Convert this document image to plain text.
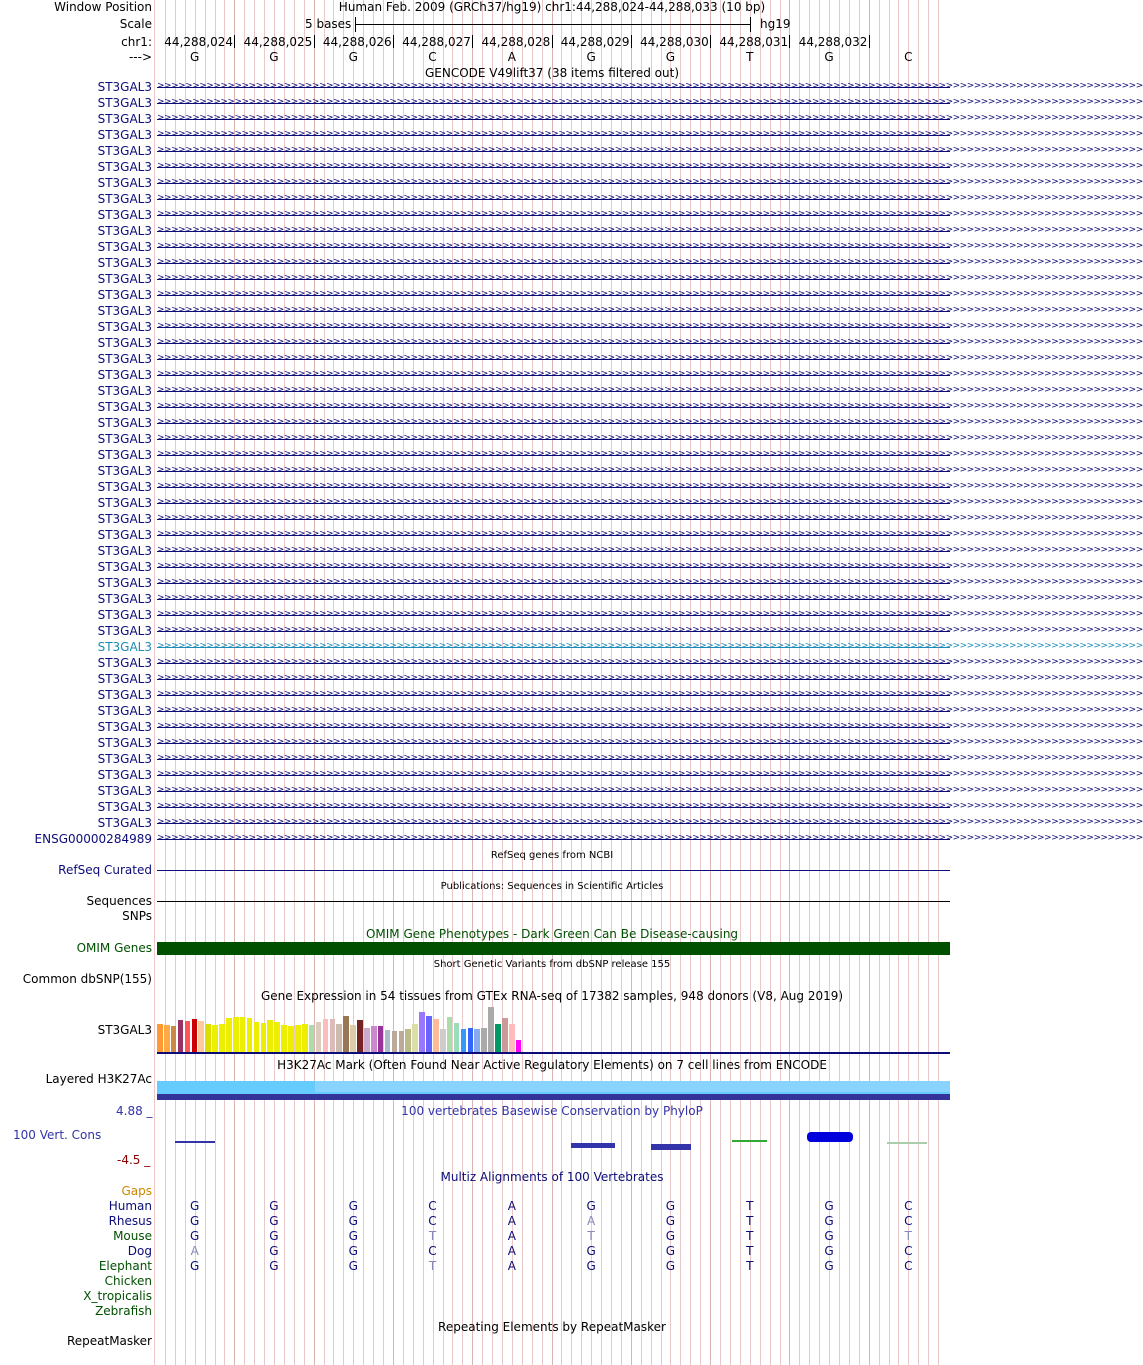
Window Position	Human Feb. 2009 (GRCh37/hg19) chr1:44,288,024-44,288,033 (10 bp)
Scale	5 bases	hg19
chr1: 44,288,024 44,288,025 44,288,026 44,288,027 44,288,028 44,288,029 44,288,030 44,288,031 44,288,032
--->	G	G	G	C	A	G	G	T	G	C
GENCODE V49lift37 (38 items filtered out)
ST3GAL3 >>>>>>>>>>>>>>>>>>>>>>>>>>>>>>>>>>>>>>>>>>>>>>>>>>>>>>>>>>>>>>>>>>>>>>>>>>>>>>>>>>>>>>>>>>>>>>>>>>>>>>>>>>>>>>>>>>>>>>>>>>>>>>>>>>>>>>>>>>>>
ST3GAL3 >>>>>>>>>>>>>>>>>>>>>>>>>>>>>>>>>>>>>>>>>>>>>>>>>>>>>>>>>>>>>>>>>>>>>>>>>>>>>>>>>>>>>>>>>>>>>>>>>>>>>>>>>>>>>>>>>>>>>>>>>>>>>>>>>>>>>>>>>>>>
ST3GAL3 >>>>>>>>>>>>>>>>>>>>>>>>>>>>>>>>>>>>>>>>>>>>>>>>>>>>>>>>>>>>>>>>>>>>>>>>>>>>>>>>>>>>>>>>>>>>>>>>>>>>>>>>>>>>>>>>>>>>>>>>>>>>>>>>>>>>>>>>>>>>
ST3GAL3 >>>>>>>>>>>>>>>>>>>>>>>>>>>>>>>>>>>>>>>>>>>>>>>>>>>>>>>>>>>>>>>>>>>>>>>>>>>>>>>>>>>>>>>>>>>>>>>>>>>>>>>>>>>>>>>>>>>>>>>>>>>>>>>>>>>>>>>>>>>>
ST3GAL3 >>>>>>>>>>>>>>>>>>>>>>>>>>>>>>>>>>>>>>>>>>>>>>>>>>>>>>>>>>>>>>>>>>>>>>>>>>>>>>>>>>>>>>>>>>>>>>>>>>>>>>>>>>>>>>>>>>>>>>>>>>>>>>>>>>>>>>>>>>>>
ST3GAL3 >>>>>>>>>>>>>>>>>>>>>>>>>>>>>>>>>>>>>>>>>>>>>>>>>>>>>>>>>>>>>>>>>>>>>>>>>>>>>>>>>>>>>>>>>>>>>>>>>>>>>>>>>>>>>>>>>>>>>>>>>>>>>>>>>>>>>>>>>>>>
ST3GAL3 >>>>>>>>>>>>>>>>>>>>>>>>>>>>>>>>>>>>>>>>>>>>>>>>>>>>>>>>>>>>>>>>>>>>>>>>>>>>>>>>>>>>>>>>>>>>>>>>>>>>>>>>>>>>>>>>>>>>>>>>>>>>>>>>>>>>>>>>>>>>
ST3GAL3 >>>>>>>>>>>>>>>>>>>>>>>>>>>>>>>>>>>>>>>>>>>>>>>>>>>>>>>>>>>>>>>>>>>>>>>>>>>>>>>>>>>>>>>>>>>>>>>>>>>>>>>>>>>>>>>>>>>>>>>>>>>>>>>>>>>>>>>>>>>>
ST3GAL3 >>>>>>>>>>>>>>>>>>>>>>>>>>>>>>>>>>>>>>>>>>>>>>>>>>>>>>>>>>>>>>>>>>>>>>>>>>>>>>>>>>>>>>>>>>>>>>>>>>>>>>>>>>>>>>>>>>>>>>>>>>>>>>>>>>>>>>>>>>>>
ST3GAL3 >>>>>>>>>>>>>>>>>>>>>>>>>>>>>>>>>>>>>>>>>>>>>>>>>>>>>>>>>>>>>>>>>>>>>>>>>>>>>>>>>>>>>>>>>>>>>>>>>>>>>>>>>>>>>>>>>>>>>>>>>>>>>>>>>>>>>>>>>>>>
ST3GAL3 >>>>>>>>>>>>>>>>>>>>>>>>>>>>>>>>>>>>>>>>>>>>>>>>>>>>>>>>>>>>>>>>>>>>>>>>>>>>>>>>>>>>>>>>>>>>>>>>>>>>>>>>>>>>>>>>>>>>>>>>>>>>>>>>>>>>>>>>>>>>
ST3GAL3 >>>>>>>>>>>>>>>>>>>>>>>>>>>>>>>>>>>>>>>>>>>>>>>>>>>>>>>>>>>>>>>>>>>>>>>>>>>>>>>>>>>>>>>>>>>>>>>>>>>>>>>>>>>>>>>>>>>>>>>>>>>>>>>>>>>>>>>>>>>>
ST3GAL3 >>>>>>>>>>>>>>>>>>>>>>>>>>>>>>>>>>>>>>>>>>>>>>>>>>>>>>>>>>>>>>>>>>>>>>>>>>>>>>>>>>>>>>>>>>>>>>>>>>>>>>>>>>>>>>>>>>>>>>>>>>>>>>>>>>>>>>>>>>>>
ST3GAL3 >>>>>>>>>>>>>>>>>>>>>>>>>>>>>>>>>>>>>>>>>>>>>>>>>>>>>>>>>>>>>>>>>>>>>>>>>>>>>>>>>>>>>>>>>>>>>>>>>>>>>>>>>>>>>>>>>>>>>>>>>>>>>>>>>>>>>>>>>>>>
ST3GAL3 >>>>>>>>>>>>>>>>>>>>>>>>>>>>>>>>>>>>>>>>>>>>>>>>>>>>>>>>>>>>>>>>>>>>>>>>>>>>>>>>>>>>>>>>>>>>>>>>>>>>>>>>>>>>>>>>>>>>>>>>>>>>>>>>>>>>>>>>>>>>
ST3GAL3 >>>>>>>>>>>>>>>>>>>>>>>>>>>>>>>>>>>>>>>>>>>>>>>>>>>>>>>>>>>>>>>>>>>>>>>>>>>>>>>>>>>>>>>>>>>>>>>>>>>>>>>>>>>>>>>>>>>>>>>>>>>>>>>>>>>>>>>>>>>>
ST3GAL3 >>>>>>>>>>>>>>>>>>>>>>>>>>>>>>>>>>>>>>>>>>>>>>>>>>>>>>>>>>>>>>>>>>>>>>>>>>>>>>>>>>>>>>>>>>>>>>>>>>>>>>>>>>>>>>>>>>>>>>>>>>>>>>>>>>>>>>>>>>>>
ST3GAL3 >>>>>>>>>>>>>>>>>>>>>>>>>>>>>>>>>>>>>>>>>>>>>>>>>>>>>>>>>>>>>>>>>>>>>>>>>>>>>>>>>>>>>>>>>>>>>>>>>>>>>>>>>>>>>>>>>>>>>>>>>>>>>>>>>>>>>>>>>>>>
ST3GAL3 >>>>>>>>>>>>>>>>>>>>>>>>>>>>>>>>>>>>>>>>>>>>>>>>>>>>>>>>>>>>>>>>>>>>>>>>>>>>>>>>>>>>>>>>>>>>>>>>>>>>>>>>>>>>>>>>>>>>>>>>>>>>>>>>>>>>>>>>>>>>
ST3GAL3 >>>>>>>>>>>>>>>>>>>>>>>>>>>>>>>>>>>>>>>>>>>>>>>>>>>>>>>>>>>>>>>>>>>>>>>>>>>>>>>>>>>>>>>>>>>>>>>>>>>>>>>>>>>>>>>>>>>>>>>>>>>>>>>>>>>>>>>>>>>>
ST3GAL3 >>>>>>>>>>>>>>>>>>>>>>>>>>>>>>>>>>>>>>>>>>>>>>>>>>>>>>>>>>>>>>>>>>>>>>>>>>>>>>>>>>>>>>>>>>>>>>>>>>>>>>>>>>>>>>>>>>>>>>>>>>>>>>>>>>>>>>>>>>>>
ST3GAL3 >>>>>>>>>>>>>>>>>>>>>>>>>>>>>>>>>>>>>>>>>>>>>>>>>>>>>>>>>>>>>>>>>>>>>>>>>>>>>>>>>>>>>>>>>>>>>>>>>>>>>>>>>>>>>>>>>>>>>>>>>>>>>>>>>>>>>>>>>>>>
ST3GAL3 >>>>>>>>>>>>>>>>>>>>>>>>>>>>>>>>>>>>>>>>>>>>>>>>>>>>>>>>>>>>>>>>>>>>>>>>>>>>>>>>>>>>>>>>>>>>>>>>>>>>>>>>>>>>>>>>>>>>>>>>>>>>>>>>>>>>>>>>>>>>
ST3GAL3 >>>>>>>>>>>>>>>>>>>>>>>>>>>>>>>>>>>>>>>>>>>>>>>>>>>>>>>>>>>>>>>>>>>>>>>>>>>>>>>>>>>>>>>>>>>>>>>>>>>>>>>>>>>>>>>>>>>>>>>>>>>>>>>>>>>>>>>>>>>>
ST3GAL3 >>>>>>>>>>>>>>>>>>>>>>>>>>>>>>>>>>>>>>>>>>>>>>>>>>>>>>>>>>>>>>>>>>>>>>>>>>>>>>>>>>>>>>>>>>>>>>>>>>>>>>>>>>>>>>>>>>>>>>>>>>>>>>>>>>>>>>>>>>>>
ST3GAL3 >>>>>>>>>>>>>>>>>>>>>>>>>>>>>>>>>>>>>>>>>>>>>>>>>>>>>>>>>>>>>>>>>>>>>>>>>>>>>>>>>>>>>>>>>>>>>>>>>>>>>>>>>>>>>>>>>>>>>>>>>>>>>>>>>>>>>>>>>>>>
ST3GAL3 >>>>>>>>>>>>>>>>>>>>>>>>>>>>>>>>>>>>>>>>>>>>>>>>>>>>>>>>>>>>>>>>>>>>>>>>>>>>>>>>>>>>>>>>>>>>>>>>>>>>>>>>>>>>>>>>>>>>>>>>>>>>>>>>>>>>>>>>>>>>
ST3GAL3 >>>>>>>>>>>>>>>>>>>>>>>>>>>>>>>>>>>>>>>>>>>>>>>>>>>>>>>>>>>>>>>>>>>>>>>>>>>>>>>>>>>>>>>>>>>>>>>>>>>>>>>>>>>>>>>>>>>>>>>>>>>>>>>>>>>>>>>>>>>>
ST3GAL3 >>>>>>>>>>>>>>>>>>>>>>>>>>>>>>>>>>>>>>>>>>>>>>>>>>>>>>>>>>>>>>>>>>>>>>>>>>>>>>>>>>>>>>>>>>>>>>>>>>>>>>>>>>>>>>>>>>>>>>>>>>>>>>>>>>>>>>>>>>>>
ST3GAL3 >>>>>>>>>>>>>>>>>>>>>>>>>>>>>>>>>>>>>>>>>>>>>>>>>>>>>>>>>>>>>>>>>>>>>>>>>>>>>>>>>>>>>>>>>>>>>>>>>>>>>>>>>>>>>>>>>>>>>>>>>>>>>>>>>>>>>>>>>>>>
ST3GAL3 >>>>>>>>>>>>>>>>>>>>>>>>>>>>>>>>>>>>>>>>>>>>>>>>>>>>>>>>>>>>>>>>>>>>>>>>>>>>>>>>>>>>>>>>>>>>>>>>>>>>>>>>>>>>>>>>>>>>>>>>>>>>>>>>>>>>>>>>>>>>
ST3GAL3 >>>>>>>>>>>>>>>>>>>>>>>>>>>>>>>>>>>>>>>>>>>>>>>>>>>>>>>>>>>>>>>>>>>>>>>>>>>>>>>>>>>>>>>>>>>>>>>>>>>>>>>>>>>>>>>>>>>>>>>>>>>>>>>>>>>>>>>>>>>>
ST3GAL3 >>>>>>>>>>>>>>>>>>>>>>>>>>>>>>>>>>>>>>>>>>>>>>>>>>>>>>>>>>>>>>>>>>>>>>>>>>>>>>>>>>>>>>>>>>>>>>>>>>>>>>>>>>>>>>>>>>>>>>>>>>>>>>>>>>>>>>>>>>>>
ST3GAL3 >>>>>>>>>>>>>>>>>>>>>>>>>>>>>>>>>>>>>>>>>>>>>>>>>>>>>>>>>>>>>>>>>>>>>>>>>>>>>>>>>>>>>>>>>>>>>>>>>>>>>>>>>>>>>>>>>>>>>>>>>>>>>>>>>>>>>>>>>>>>
ST3GAL3 >>>>>>>>>>>>>>>>>>>>>>>>>>>>>>>>>>>>>>>>>>>>>>>>>>>>>>>>>>>>>>>>>>>>>>>>>>>>>>>>>>>>>>>>>>>>>>>>>>>>>>>>>>>>>>>>>>>>>>>>>>>>>>>>>>>>>>>>>>>>
ST3GAL3 >>>>>>>>>>>>>>>>>>>>>>>>>>>>>>>>>>>>>>>>>>>>>>>>>>>>>>>>>>>>>>>>>>>>>>>>>>>>>>>>>>>>>>>>>>>>>>>>>>>>>>>>>>>>>>>>>>>>>>>>>>>>>>>>>>>>>>>>>>>>
ST3GAL3 >>>>>>>>>>>>>>>>>>>>>>>>>>>>>>>>>>>>>>>>>>>>>>>>>>>>>>>>>>>>>>>>>>>>>>>>>>>>>>>>>>>>>>>>>>>>>>>>>>>>>>>>>>>>>>>>>>>>>>>>>>>>>>>>>>>>>>>>>>>>
ST3GAL3 >>>>>>>>>>>>>>>>>>>>>>>>>>>>>>>>>>>>>>>>>>>>>>>>>>>>>>>>>>>>>>>>>>>>>>>>>>>>>>>>>>>>>>>>>>>>>>>>>>>>>>>>>>>>>>>>>>>>>>>>>>>>>>>>>>>>>>>>>>>>
ST3GAL3 >>>>>>>>>>>>>>>>>>>>>>>>>>>>>>>>>>>>>>>>>>>>>>>>>>>>>>>>>>>>>>>>>>>>>>>>>>>>>>>>>>>>>>>>>>>>>>>>>>>>>>>>>>>>>>>>>>>>>>>>>>>>>>>>>>>>>>>>>>>>
ST3GAL3 >>>>>>>>>>>>>>>>>>>>>>>>>>>>>>>>>>>>>>>>>>>>>>>>>>>>>>>>>>>>>>>>>>>>>>>>>>>>>>>>>>>>>>>>>>>>>>>>>>>>>>>>>>>>>>>>>>>>>>>>>>>>>>>>>>>>>>>>>>>>
ST3GAL3 >>>>>>>>>>>>>>>>>>>>>>>>>>>>>>>>>>>>>>>>>>>>>>>>>>>>>>>>>>>>>>>>>>>>>>>>>>>>>>>>>>>>>>>>>>>>>>>>>>>>>>>>>>>>>>>>>>>>>>>>>>>>>>>>>>>>>>>>>>>>
ST3GAL3 >>>>>>>>>>>>>>>>>>>>>>>>>>>>>>>>>>>>>>>>>>>>>>>>>>>>>>>>>>>>>>>>>>>>>>>>>>>>>>>>>>>>>>>>>>>>>>>>>>>>>>>>>>>>>>>>>>>>>>>>>>>>>>>>>>>>>>>>>>>>
ST3GAL3 >>>>>>>>>>>>>>>>>>>>>>>>>>>>>>>>>>>>>>>>>>>>>>>>>>>>>>>>>>>>>>>>>>>>>>>>>>>>>>>>>>>>>>>>>>>>>>>>>>>>>>>>>>>>>>>>>>>>>>>>>>>>>>>>>>>>>>>>>>>>
ST3GAL3 >>>>>>>>>>>>>>>>>>>>>>>>>>>>>>>>>>>>>>>>>>>>>>>>>>>>>>>>>>>>>>>>>>>>>>>>>>>>>>>>>>>>>>>>>>>>>>>>>>>>>>>>>>>>>>>>>>>>>>>>>>>>>>>>>>>>>>>>>>>>
ST3GAL3 >>>>>>>>>>>>>>>>>>>>>>>>>>>>>>>>>>>>>>>>>>>>>>>>>>>>>>>>>>>>>>>>>>>>>>>>>>>>>>>>>>>>>>>>>>>>>>>>>>>>>>>>>>>>>>>>>>>>>>>>>>>>>>>>>>>>>>>>>>>>
ST3GAL3 >>>>>>>>>>>>>>>>>>>>>>>>>>>>>>>>>>>>>>>>>>>>>>>>>>>>>>>>>>>>>>>>>>>>>>>>>>>>>>>>>>>>>>>>>>>>>>>>>>>>>>>>>>>>>>>>>>>>>>>>>>>>>>>>>>>>>>>>>>>>
ST3GAL3 >>>>>>>>>>>>>>>>>>>>>>>>>>>>>>>>>>>>>>>>>>>>>>>>>>>>>>>>>>>>>>>>>>>>>>>>>>>>>>>>>>>>>>>>>>>>>>>>>>>>>>>>>>>>>>>>>>>>>>>>>>>>>>>>>>>>>>>>>>>>
ENSG00000284989 >>>>>>>>>>>>>>>>>>>>>>>>>>>>>>>>>>>>>>>>>>>>>>>>>>>>>>>>>>>>>>>>>>>>>>>>>>>>>>>>>>>>>>>>>>>>>>>>>>>>>>>>>>>>>>>>>>>>>>>>>>>>>>>>>>>>>>>>>>>>
RefSeq genes from NCBI
RefSeq Curated
Publications: Sequences in Scientific Articles
Sequences
SNPs
OMIM Gene Phenotypes - Dark Green Can Be Disease-causing
OMIM Genes
Short Genetic Variants from dbSNP release 155
Common dbSNP(155)
Gene Expression in 54 tissues from GTEx RNA-seq of 17382 samples, 948 donors (V8, Aug 2019)
ST3GAL3
H3K27Ac Mark (Often Found Near Active Regulatory Elements) on 7 cell lines from ENCODE
Layered H3K27Ac
100 vertebrates Basewise Conservation by PhyloP
4.88 _
100 Vert. Cons
-4.5 _
Multiz Alignments of 100 Vertebrates
Gaps
Human	G	G	G	C	A	G	G	T	G	C
Rhesus	G	G	G	C	A	A	G	T	G	C
Mouse	G	G	G	T	A	T	G	T	G	T
Dog	A	G	G	C	A	G	G	T	G	C
Elephant	G	G	G	T	A	G	G	T	G	C
Chicken
X_tropicalis
Zebrafish
Repeating Elements by RepeatMasker
RepeatMasker
